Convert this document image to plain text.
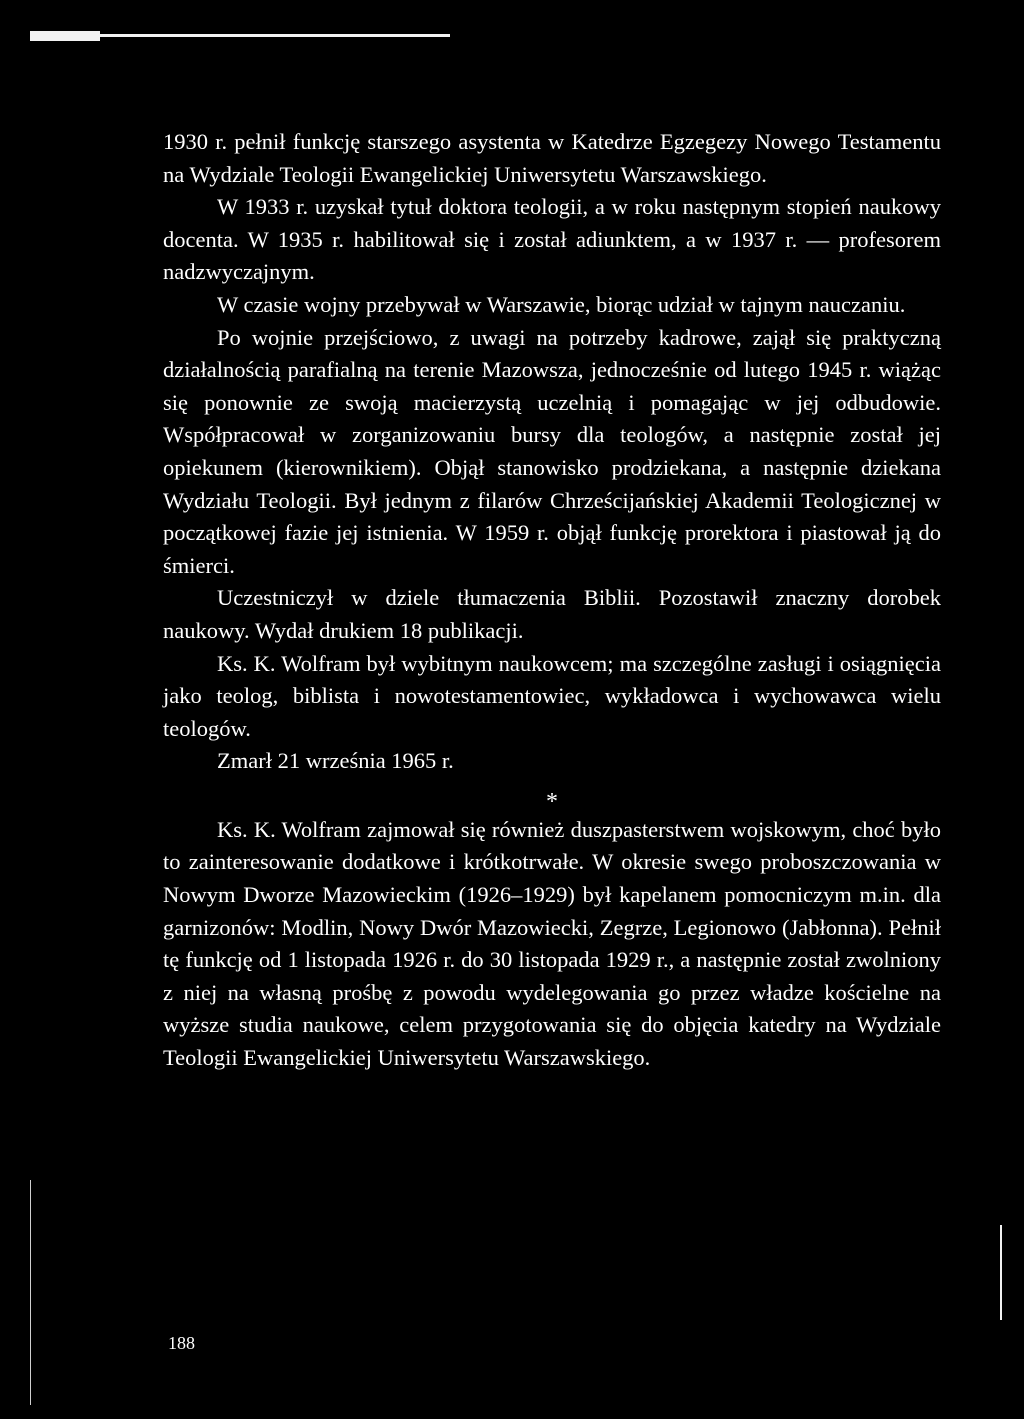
1930 r. pełnił funkcję starszego asystenta w Katedrze Egzegezy Nowego Testamentu na Wydziale Teologii Ewangelickiej Uniwersytetu Warszawskiego.

W 1933 r. uzyskał tytuł doktora teologii, a w roku następnym stopień naukowy docenta. W 1935 r. habilitował się i został adiunktem, a w 1937 r. — profesorem nadzwyczajnym.

W czasie wojny przebywał w Warszawie, biorąc udział w tajnym nauczaniu.

Po wojnie przejściowo, z uwagi na potrzeby kadrowe, zajął się praktyczną działalnością parafialną na terenie Mazowsza, jednocześnie od lutego 1945 r. wiążąc się ponownie ze swoją macierzystą uczelnią i pomagając w jej odbudowie. Współpracował w zorganizowaniu bursy dla teologów, a następnie został jej opiekunem (kierownikiem). Objął stanowisko prodziekana, a następnie dziekana Wydziału Teologii. Był jednym z filarów Chrześcijańskiej Akademii Teologicznej w początkowej fazie jej istnienia. W 1959 r. objął funkcję prorektora i piastował ją do śmierci.

Uczestniczył w dziele tłumaczenia Biblii. Pozostawił znaczny dorobek naukowy. Wydał drukiem 18 publikacji.

Ks. K. Wolfram był wybitnym naukowcem; ma szczególne zasługi i osiągnięcia jako teolog, biblista i nowotestamentowiec, wykładowca i wychowawca wielu teologów.

Zmarł 21 września 1965 r.

*

Ks. K. Wolfram zajmował się również duszpasterstwem wojskowym, choć było to zainteresowanie dodatkowe i krótkotrwałe. W okresie swego proboszczowania w Nowym Dworze Mazowieckim (1926–1929) był kapelanem pomocniczym m.in. dla garnizonów: Modlin, Nowy Dwór Mazowiecki, Zegrze, Legionowo (Jabłonna). Pełnił tę funkcję od 1 listopada 1926 r. do 30 listopada 1929 r., a następnie został zwolniony z niej na własną prośbę z powodu wydelegowania go przez władze kościelne na wyższe studia naukowe, celem przygotowania się do objęcia katedry na Wydziale Teologii Ewangelickiej Uniwersytetu Warszawskiego.

188
